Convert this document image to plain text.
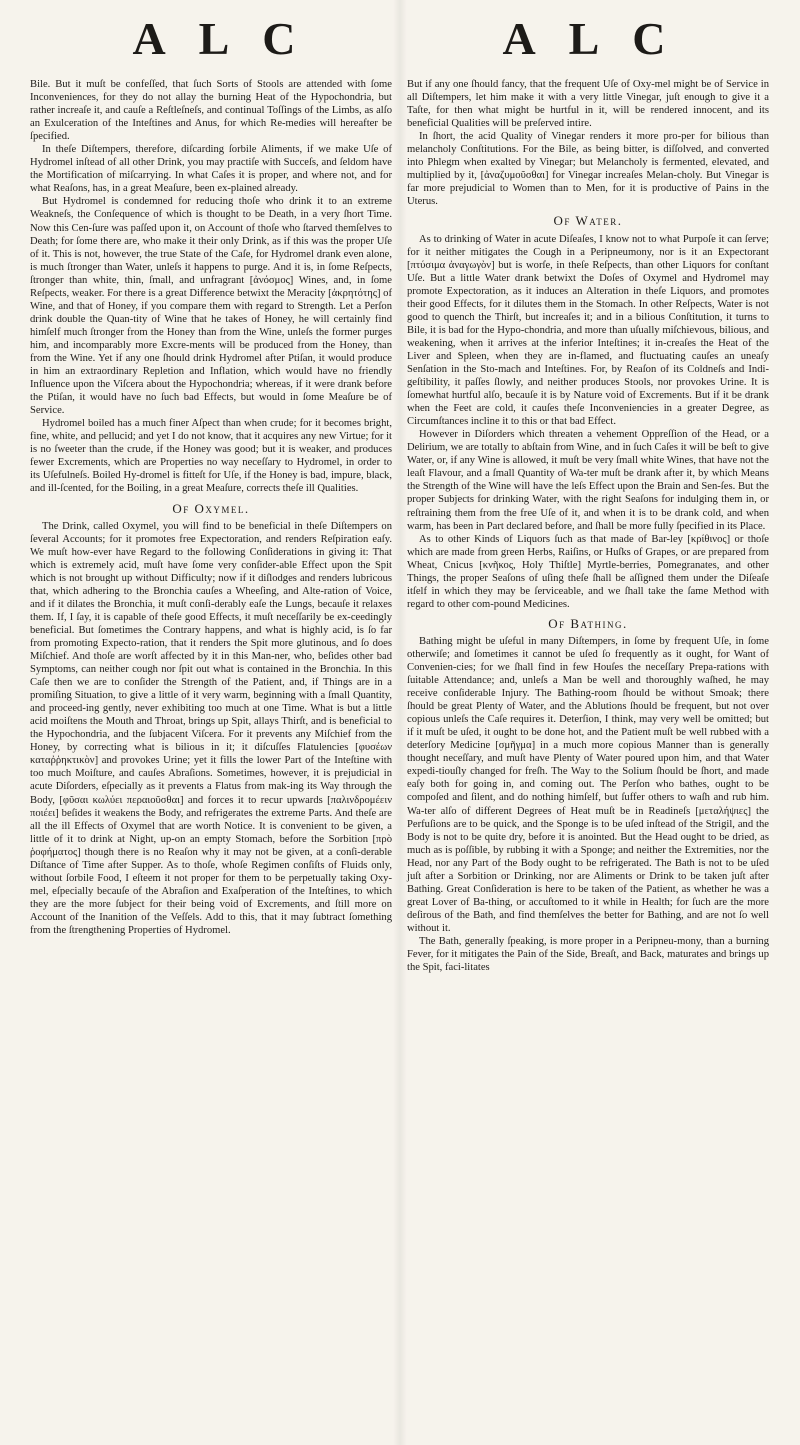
A L C	A L C

Bile. But it muſt be confeſſed, that ſuch Sorts of Stools are attended with ſome Inconveniences, for they do not allay the burning Heat of the Hypochondria, but rather increaſe it, and cauſe a Reſtleſneſs, and continual Toſſings of the Limbs, as alſo an Exulceration of the Inteſtines and Anus, for which Re-medies will hereafter be ſpecified.

In theſe Diſtempers, therefore, diſcarding ſorbile Aliments, if we make Uſe of Hydromel inſtead of all other Drink, you may practiſe with Succeſs, and ſeldom have the Mortification of miſcarrying. In what Caſes it is proper, and where not, and for what Reaſons, has, in a great Meaſure, been ex-plained already.

But Hydromel is condemned for reducing thoſe who drink it to an extreme Weakneſs, the Conſequence of which is thought to be Death, in a very ſhort Time. Now this Cen-ſure was paſſed upon it, on Account of thoſe who ſtarved themſelves to Death; for ſome there are, who make it their only Drink, as if this was the proper Uſe of it. This is not, however, the true State of the Caſe, for Hydromel drank even alone, is much ſtronger than Water, unleſs it happens to purge. And it is, in ſome Reſpects, ſtronger than white, thin, ſmall, and unfragrant [ἀνόσμος] Wines, and, in ſome Reſpects, weaker. For there is a great Difference betwixt the Meracity [ἀκρητότης] of Wine, and that of Honey, if you compare them with regard to Strength. Let a Perſon drink double the Quan-tity of Wine that he takes of Honey, he will certainly find himſelf much ſtronger from the Honey than from the Wine, unleſs the former purges him, and incomparably more Excre-ments will be produced from the Honey, than from the Wine. Yet if any one ſhould drink Hydromel after Ptiſan, it would produce in him an extraordinary Repletion and Inflation, which would have no friendly Influence upon the Viſcera about the Hypochondria; whereas, if it were drank before the Ptiſan, it would have no ſuch bad Effects, but would in ſome Meaſure be of Service.

Hydromel boiled has a much finer Aſpect than when crude; for it becomes bright, fine, white, and pellucid; and yet I do not know, that it acquires any new Virtue; for it is no ſweeter than the crude, if the Honey was good; but it is weaker, and produces fewer Excrements, which are Properties no way neceſſary to Hydromel, in order to its Uſefulneſs. Boiled Hy-dromel is fitteſt for Uſe, if the Honey is bad, impure, black, and ill-ſcented, for the Boiling, in a great Meaſure, corrects theſe ill Qualities.

Of Oxymel.

The Drink, called Oxymel, you will find to be beneficial in theſe Diſtempers on ſeveral Accounts; for it promotes free Expectoration, and renders Reſpiration eaſy. We muſt how-ever have Regard to the following Conſiderations in giving it: That which is extremely acid, muſt have ſome very conſider-able Effect upon the Spit which is not brought up without Difficulty; now if it diſlodges and renders lubricous that, which adhering to the Bronchia cauſes a Wheeſing, and Alte-ration of Voice, and if it dilates the Bronchia, it muſt conſi-derably eaſe the Lungs, becauſe it relaxes them. If, I ſay, it is capable of theſe good Effects, it muſt neceſſarily be ex-ceedingly beneficial. But ſometimes the Contrary happens, and what is highly acid, is ſo far from promoting Expecto-ration, that it renders the Spit more glutinous, and ſo does Miſchief. And thoſe are worſt affected by it in this Man-ner, who, beſides other bad Symptoms, can neither cough nor ſpit out what is contained in the Bronchia. In this Caſe then we are to conſider the Strength of the Patient, and, if Things are in a promiſing Situation, to give a little of it very warm, beginning with a ſmall Quantity, and proceed-ing gently, never exhibiting too much at one Time. What is but a little acid moiſtens the Mouth and Throat, brings up Spit, allays Thirſt, and is beneficial to the Hypochondria, and the ſubjacent Viſcera. For it prevents any Miſchief from the Honey, by correcting what is bilious in it; it diſcuſſes Flatulencies [φυσέων καταῤῥηκτικὸν] and provokes Urine; yet it fills the lower Part of the Inteſtine with too much Moiſture, and cauſes Abraſions. Sometimes, however, it is prejudicial in acute Diſorders, eſpecially as it prevents a Flatus from mak-ing its Way through the Body, [φῦσαι κωλύει περαιοῦσθαι] and forces it to recur upwards [παλινδρομέειν ποιέει] beſides it weakens the Body, and refrigerates the extreme Parts. And theſe are all the ill Effects of Oxymel that are worth Notice. It is convenient to be given, a little of it to drink at Night, up-on an empty Stomach, before the Sorbition [πρὸ ῥοφήματος] though there is no Reaſon why it may not be given, at a conſi-derable Diſtance of Time after Supper. As to thoſe, whoſe Regimen conſiſts of Fluids only, without ſorbile Food, I eſteem it not proper for them to be perpetually taking Oxy-mel, eſpecially becauſe of the Abraſion and Exaſperation of the Inteſtines, to which they are the more ſubject for their being void of Excrements, and ſtill more on Account of the Inanition of the Veſſels. Add to this, that it may ſubtract ſomething from the ſtrengthening Properties of Hydromel.

But if any one ſhould fancy, that the frequent Uſe of Oxy-mel might be of Service in all Diſtempers, let him make it with a very little Vinegar, juſt enough to give it a Taſte, for then what might be hurtful in it, will be rendered innocent, and its beneficial Qualities will be preſerved intire.

In ſhort, the acid Quality of Vinegar renders it more pro-per for bilious than melancholy Conſtitutions. For the Bile, as being bitter, is diſſolved, and converted into Phlegm when exalted by Vinegar; but Melancholy is fermented, elevated, and multiplied by it, [ἀναζυμοῦσθαι] for Vinegar increaſes Melan-choly. But Vinegar is far more prejudicial to Women than to Men, for it is productive of Pains in the Uterus.

Of Water.

As to drinking of Water in acute Diſeaſes, I know not to what Purpoſe it can ſerve; for it neither mitigates the Cough in a Peripneumony, nor is it an Expectorant [πτύσιμα ἀναγωγὸν] but is worſe, in theſe Reſpects, than other Liquors for conſtant Uſe. But a little Water drank betwixt the Doſes of Oxymel and Hydromel may promote Expectoration, as it induces an Alteration in theſe Liquors, and promotes their good Effects, for it dilutes them in the Stomach. In other Reſpects, Water is not good to quench the Thirſt, but increaſes it; and in a bilious Conſtitution, it turns to Bile, it is bad for the Hypo-chondria, and more than uſually miſchievous, bilious, and weakening, when it arrives at the inferior Inteſtines; it in-creaſes the Heat of the Liver and Spleen, when they are in-flamed, and fluctuating cauſes an uneaſy Senſation in the Sto-mach and Inteſtines. For, by Reaſon of its Coldneſs and Indi-geſtibility, it paſſes ſlowly, and neither produces Stools, nor provokes Urine. It is ſomewhat hurtful alſo, becauſe it is by Nature void of Excrements. But if it be drank when the Feet are cold, it cauſes theſe Inconveniencies in a greater Degree, as Circumſtances incline it to this or that bad Effect.

However in Diſorders which threaten a vehement Oppreſſion of the Head, or a Delirium, we are totally to abſtain from Wine, and in ſuch Caſes it will be beſt to give Water, or, if any Wine is allowed, it muſt be very ſmall white Wines, that have not the leaſt Flavour, and a ſmall Quantity of Wa-ter muſt be drank after it, by which Means the Strength of the Wine will have the leſs Effect upon the Brain and Sen-ſes. But the proper Subjects for drinking Water, with the right Seaſons for indulging them in, or reſtraining them from the free Uſe of it, and when it is to be drank cold, and when warm, has been in Part declared before, and ſhall be more fully ſpecified in its Place.

As to other Kinds of Liquors ſuch as that made of Bar-ley [κρίθινος] or thoſe which are made from green Herbs, Raiſins, or Huſks of Grapes, or are prepared from Wheat, Cnicus [κνῆκος, Holy Thiſtle] Myrtle-berries, Pomegranates, and other Things, the proper Seaſons of uſing theſe ſhall be aſſigned them under the Diſeaſe itſelf in which they may be ſerviceable, and we ſhall take the ſame Method with regard to other com-pound Medicines.

Of Bathing.

Bathing might be uſeful in many Diſtempers, in ſome by frequent Uſe, in ſome otherwiſe; and ſometimes it cannot be uſed ſo frequently as it ought, for Want of Convenien-cies; for we ſhall find in few Houſes the neceſſary Prepa-rations with ſuitable Attendance; and, unleſs a Man be well and thoroughly waſhed, he may receive conſiderable Injury. The Bathing-room ſhould be without Smoak; there ſhould be great Plenty of Water, and the Ablutions ſhould be frequent, but not over copious unleſs the Caſe requires it. Deterſion, I think, may very well be omitted; but if it muſt be uſed, it ought to be done hot, and the Patient muſt be well rubbed with a deterſory Medicine [σμῆγμα] in a much more copious Manner than is generally thought neceſſary, and muſt have Plenty of Water poured upon him, and that Water expedi-tiouſly changed for freſh. The Way to the Solium ſhould be ſhort, and made eaſy both for going in, and coming out. The Perſon who bathes, ought to be compoſed and ſilent, and do nothing himſelf, but ſuffer others to waſh and rub him. Wa-ter alſo of different Degrees of Heat muſt be in Readineſs [μεταλήψιες] the Perfuſions are to be quick, and the Sponge is to be uſed inſtead of the Strigil, and the Body is not to be quite dry, before it is anointed. But the Head ought to be dried, as much as is poſſible, by rubbing it with a Sponge; and neither the Extremities, nor the Head, nor any Part of the Body ought to be refrigerated. The Bath is not to be uſed juſt after a Sorbition or Drinking, nor are Aliments or Drink to be taken juſt after Bathing. Great Conſideration is here to be taken of the Patient, as whether he was a great Lover of Ba-thing, or accuſtomed to it while in Health; for ſuch are the more deſirous of the Bath, and find themſelves the better for Bathing, and are not ſo well without it.

The Bath, generally ſpeaking, is more proper in a Peripneu-mony, than a burning Fever, for it mitigates the Pain of the Side, Breaſt, and Back, maturates and brings up the Spit, faci-litates
